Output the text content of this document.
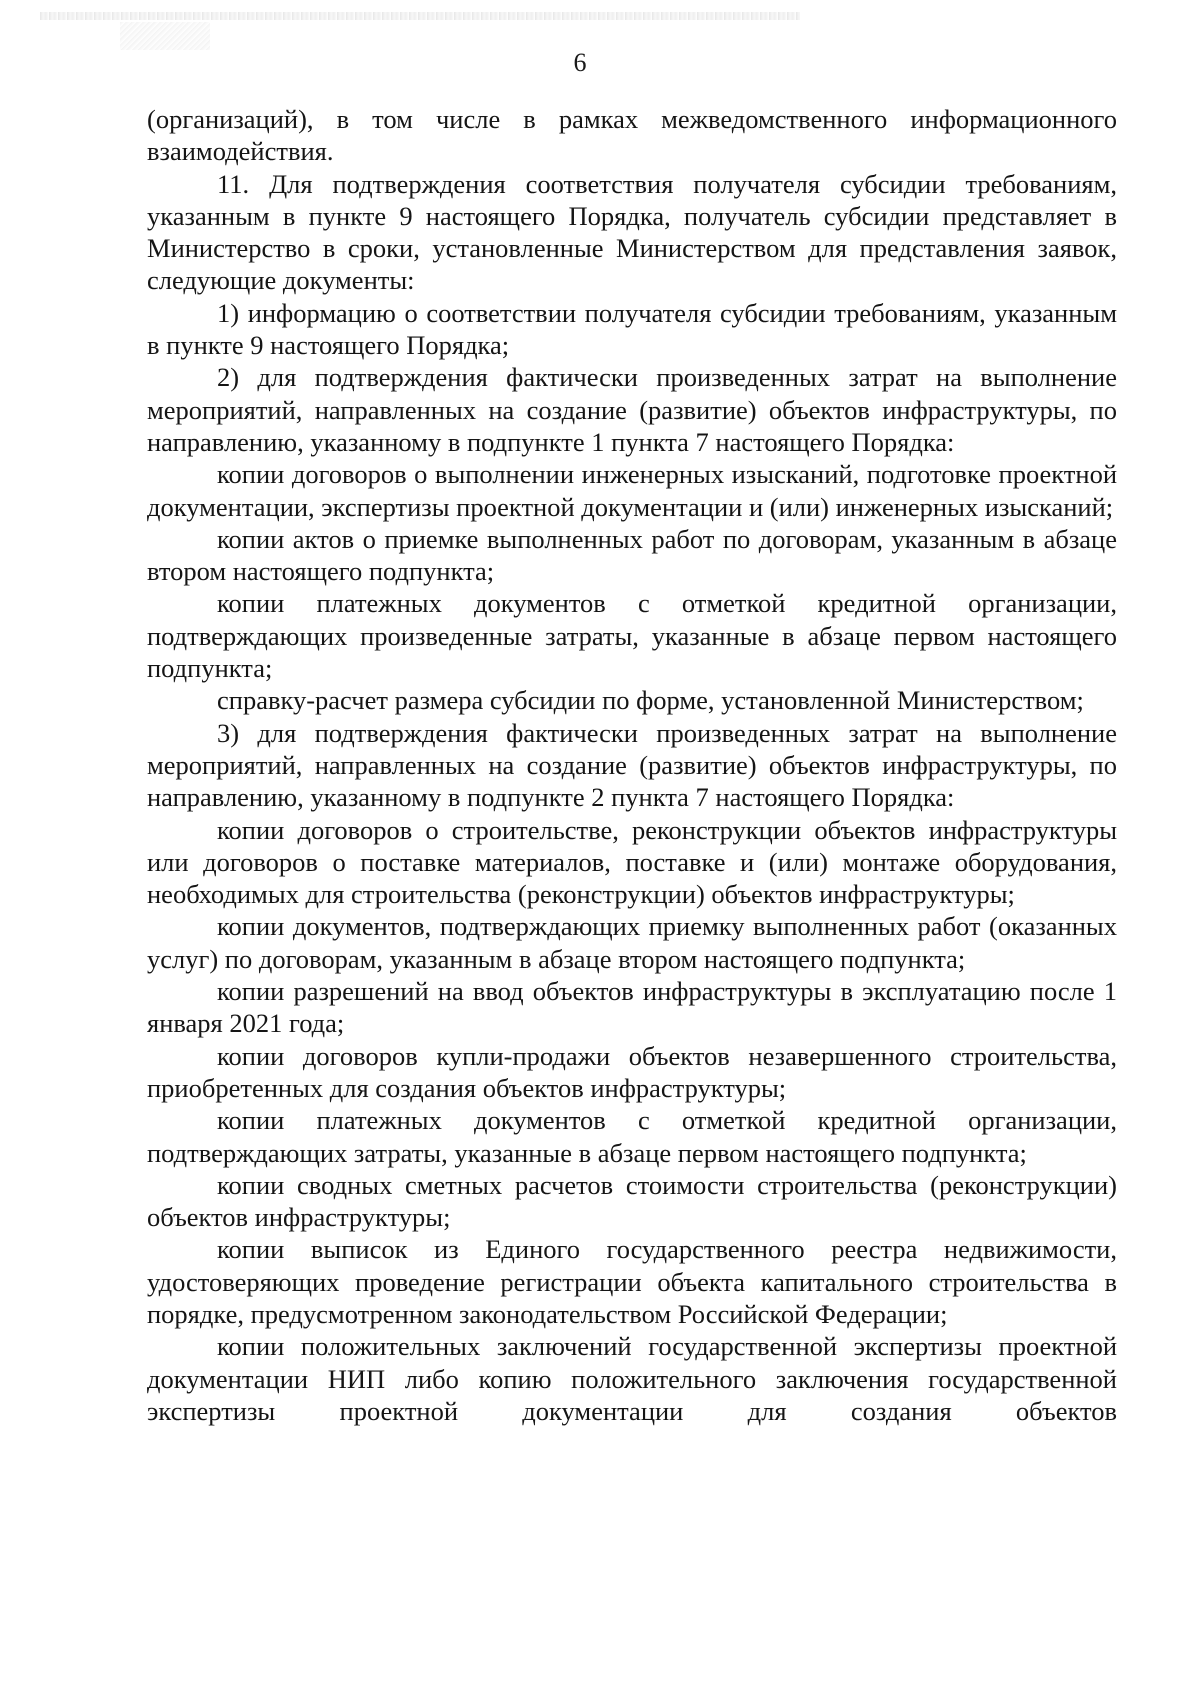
6

(организаций), в том числе в рамках межведомственного информационного взаимодействия.

11. Для подтверждения соответствия получателя субсидии требованиям, указанным в пункте 9 настоящего Порядка, получатель субсидии представляет в Министерство в сроки, установленные Министерством для представления заявок, следующие документы:

1) информацию о соответствии получателя субсидии требованиям, указанным в пункте 9 настоящего Порядка;

2) для подтверждения фактически произведенных затрат на выполнение мероприятий, направленных на создание (развитие) объектов инфраструктуры, по направлению, указанному в подпункте 1 пункта 7 настоящего Порядка:

копии договоров о выполнении инженерных изысканий, подготовке проектной документации, экспертизы проектной документации и (или) инженерных изысканий;

копии актов о приемке выполненных работ по договорам, указанным в абзаце втором настоящего подпункта;

копии платежных документов с отметкой кредитной организации, подтверждающих произведенные затраты, указанные в абзаце первом настоящего подпункта;

справку-расчет размера субсидии по форме, установленной Министерством;

3) для подтверждения фактически произведенных затрат на выполнение мероприятий, направленных на создание (развитие) объектов инфраструктуры, по направлению, указанному в подпункте 2 пункта 7 настоящего Порядка:

копии договоров о строительстве, реконструкции объектов инфраструктуры или договоров о поставке материалов, поставке и (или) монтаже оборудования, необходимых для строительства (реконструкции) объектов инфраструктуры;

копии документов, подтверждающих приемку выполненных работ (оказанных услуг) по договорам, указанным в абзаце втором настоящего подпункта;

копии разрешений на ввод объектов инфраструктуры в эксплуатацию после 1 января 2021 года;

копии договоров купли-продажи объектов незавершенного строительства, приобретенных для создания объектов инфраструктуры;

копии платежных документов с отметкой кредитной организации, подтверждающих затраты, указанные в абзаце первом настоящего подпункта;

копии сводных сметных расчетов стоимости строительства (реконструкции) объектов инфраструктуры;

копии выписок из Единого государственного реестра недвижимости, удостоверяющих проведение регистрации объекта капитального строительства в порядке, предусмотренном законодательством Российской Федерации;

копии положительных заключений государственной экспертизы проектной документации НИП либо копию положительного заключения государственной экспертизы проектной документации для создания объектов
